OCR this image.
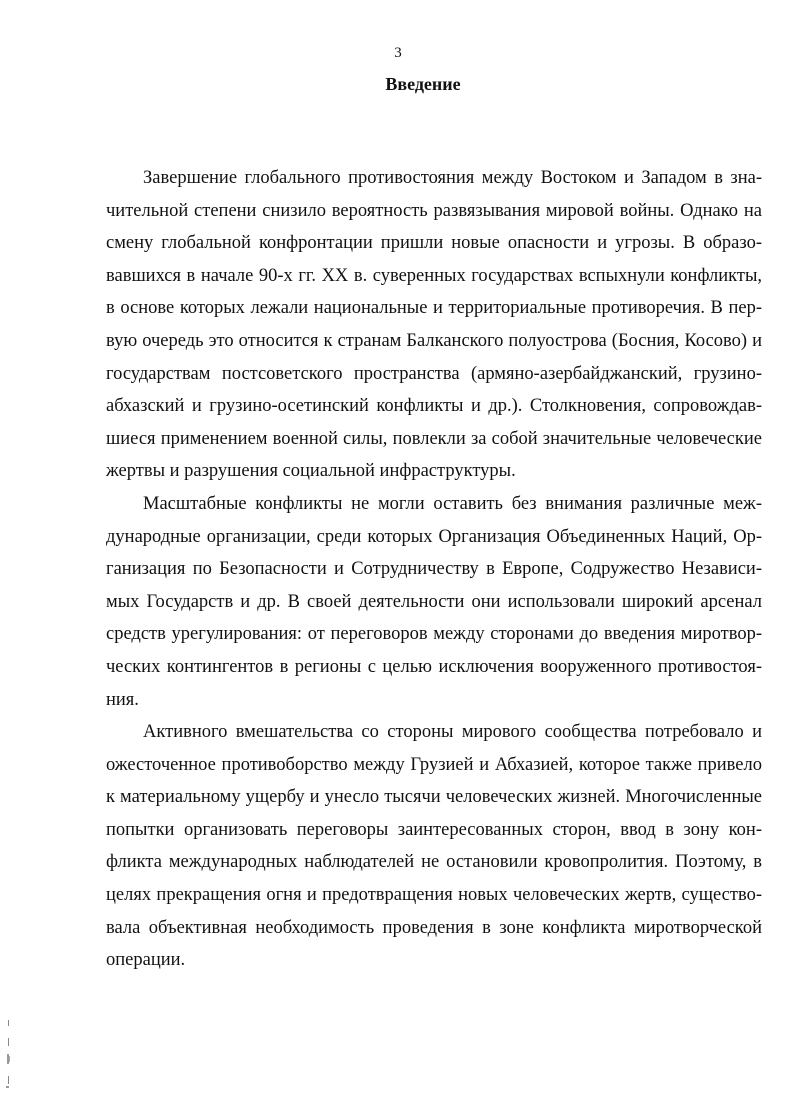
3
Введение

Завершение глобального противостояния между Востоком и Западом в значительной степени снизило вероятность развязывания мировой войны. Однако на смену глобальной конфронтации пришли новые опасности и угрозы. В образовавшихся в начале 90-х гг. XX в. суверенных государствах вспыхнули конфликты, в основе которых лежали национальные и территориальные противоречия. В первую очередь это относится к странам Балканского полуострова (Босния, Косово) и государствам постсоветского пространства (армяно-азербайджанский, грузино-абхазский и грузино-осетинский конфликты и др.). Столкновения, сопровождавшиеся применением военной силы, повлекли за собой значительные человеческие жертвы и разрушения социальной инфраструктуры.

Масштабные конфликты не могли оставить без внимания различные международные организации, среди которых Организация Объединенных Наций, Организация по Безопасности и Сотрудничеству в Европе, Содружество Независимых Государств и др. В своей деятельности они использовали широкий арсенал средств урегулирования: от переговоров между сторонами до введения миротворческих контингентов в регионы с целью исключения вооруженного противостояния.

Активного вмешательства со стороны мирового сообщества потребовало и ожесточенное противоборство между Грузией и Абхазией, которое также привело к материальному ущербу и унесло тысячи человеческих жизней. Многочисленные попытки организовать переговоры заинтересованных сторон, ввод в зону конфликта международных наблюдателей не остановили кровопролития. Поэтому, в целях прекращения огня и предотвращения новых человеческих жертв, существовала объективная необходимость проведения в зоне конфликта миротворческой операции.
